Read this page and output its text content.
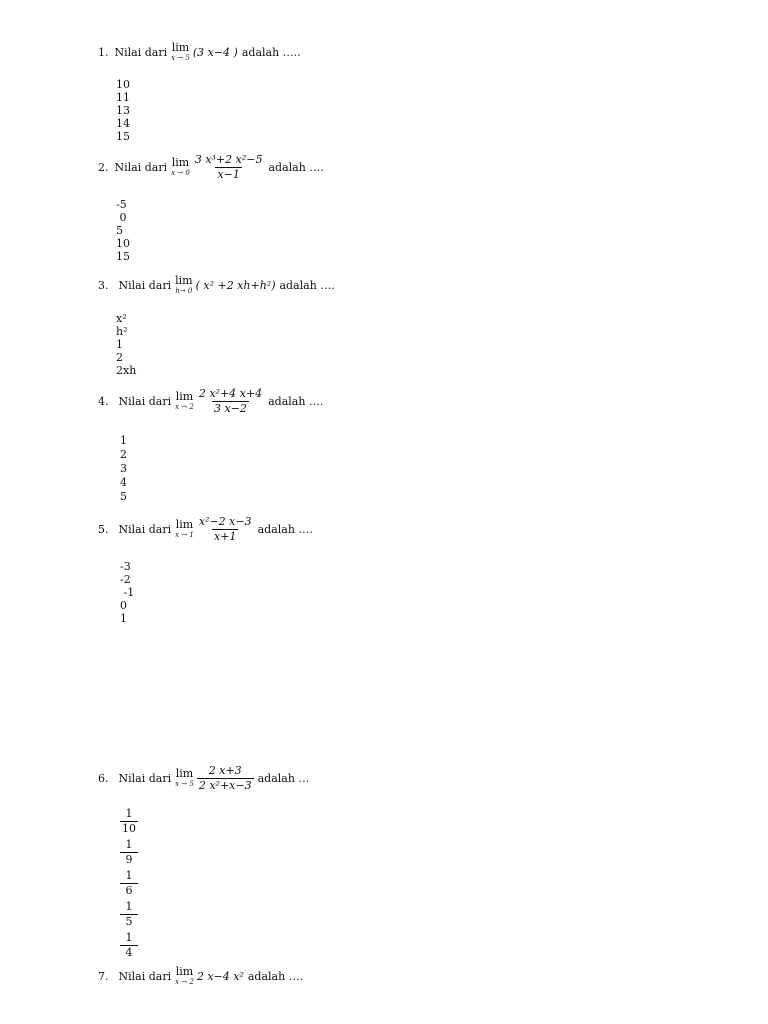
1. Nilai dari lim
x → 5 (3 x−4 ) adalah …..
10
11
13
14
15
2. Nilai dari lim
$x \to 0 \frac{\text{3 x³+2 x²−5}}{x-1}$ adalah ….
-5
0
5
10
15
3. Nilai dari lim
h→ 0 ( x² +2 xh+h²) adalah ….
x²
h²
1
2
2xh
4. Nilai dari lim
$x \to 2 \frac{\text{2 x²+4 x+4}}{3 x-2}$ adalah ….
1
2
3
4
5
5. Nilai dari lim
$x \to 1 \frac{\text{x²−2 x−3}}{x+1}$ adalah ….
-3
-2
-1
0
1
6. Nilai dari lim
$x \to 5 \frac{2 x+3}{\text{2 x²+x−3}}$ adalah …
1
10
1
9
1
6
1
5
1
4
7. Nilai dari lim
x → 2 2 x−4 x² adalah ….
